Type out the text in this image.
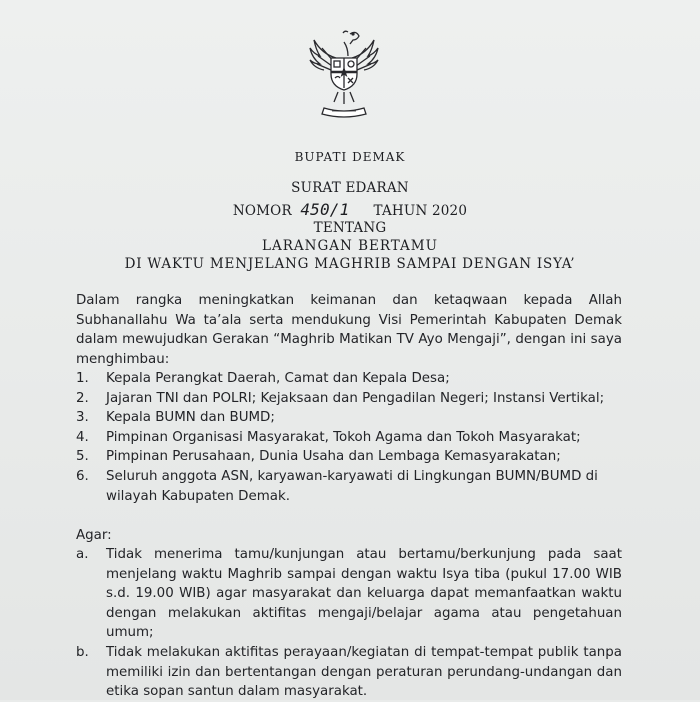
BUPATI DEMAK
SURAT EDARAN
NOMOR 450/1 TAHUN 2020
TENTANG
LARANGAN BERTAMU
DI WAKTU MENJELANG MAGHRIB SAMPAI DENGAN ISYA’
Dalam rangka meningkatkan keimanan dan ketaqwaan kepada Allah Subhanallahu Wa ta’ala serta mendukung Visi Pemerintah Kabupaten Demak dalam mewujudkan Gerakan “Maghrib Matikan TV Ayo Mengaji”, dengan ini saya menghimbau:
1. Kepala Perangkat Daerah, Camat dan Kepala Desa;
2. Jajaran TNI dan POLRI; Kejaksaan dan Pengadilan Negeri; Instansi Vertikal;
3. Kepala BUMN dan BUMD;
4. Pimpinan Organisasi Masyarakat, Tokoh Agama dan Tokoh Masyarakat;
5. Pimpinan Perusahaan, Dunia Usaha dan Lembaga Kemasyarakatan;
6. Seluruh anggota ASN, karyawan-karyawati di Lingkungan BUMN/BUMD di wilayah Kabupaten Demak.
Agar:
a. Tidak menerima tamu/kunjungan atau bertamu/berkunjung pada saat menjelang waktu Maghrib sampai dengan waktu Isya tiba (pukul 17.00 WIB s.d. 19.00 WIB) agar masyarakat dan keluarga dapat memanfaatkan waktu dengan melakukan aktifitas mengaji/belajar agama atau pengetahuan umum;
b. Tidak melakukan aktifitas perayaan/kegiatan di tempat-tempat publik tanpa memiliki izin dan bertentangan dengan peraturan perundang-undangan dan etika sopan santun dalam masyarakat.
